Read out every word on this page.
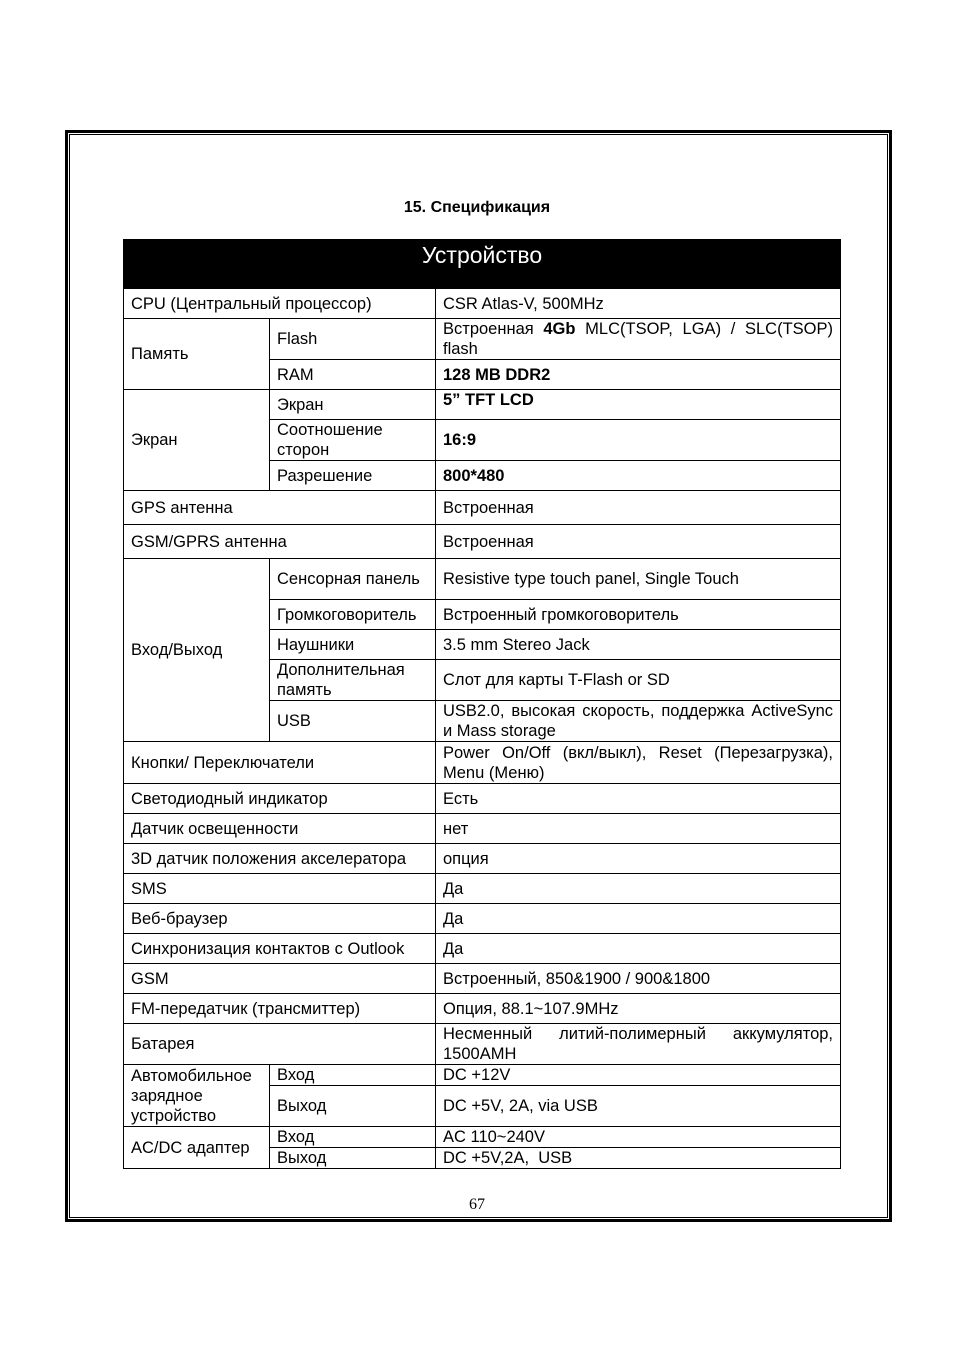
15. Спецификация
Устройство		
CPU (Центральный процессор)		CSR Atlas-V, 500MHz
Память	Flash	Встроенная 4Gb MLC(TSOP, LGA) / SLC(TSOP) flash
	RAM	128 MB DDR2
Экран	Экран	5” TFT LCD
	Соотношение сторон	16:9
	Разрешение	800*480
GPS антенна		Встроенная
GSM/GPRS антенна		Встроенная
Вход/Выход	Сенсорная панель	Resistive type touch panel, Single Touch
	Громкоговоритель	Встроенный громкоговоритель
	Наушники	3.5 mm Stereo Jack
	Дополнительная память	Слот для карты T-Flash or SD
	USB	USB2.0, высокая скорость, поддержка ActiveSync и Mass storage
Кнопки/ Переключатели		Power On/Off (вкл/выкл), Reset (Перезагрузка), Menu (Меню)
Светодиодный индикатор		Есть
Датчик освещенности		нет
3D датчик положения акселератора		опция
SMS		Да
Веб-браузер		Да
Синхронизация контактов с Outlook		Да
GSM		Встроенный, 850&1900 / 900&1800
FM-передатчик (трансмиттер)		Опция, 88.1~107.9MHz
Батарея		Несменный литий-полимерный аккумулятор, 1500AMH
Автомобильное зарядное устройство	Вход	DC +12V
	Выход	DC +5V, 2A, via USB
AC/DC адаптер	Вход	AC 110~240V
	Выход	DC +5V,2A,  USB
67
